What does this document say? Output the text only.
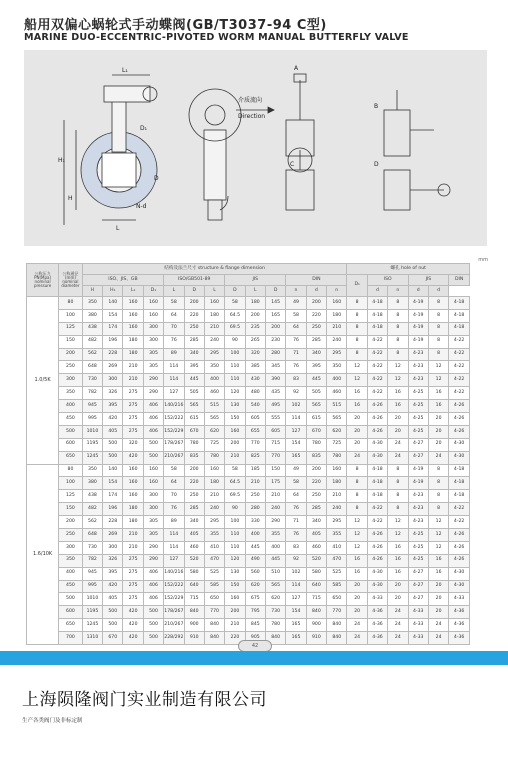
船用双偏心蜗轮式手动蝶阀(GB/T3037-94 C型)
MARINE DUO-ECCENTRIC-PIVOTED WORM MANUAL BUTTERFLY VALVE
L₁
D₁
D
H₁
H
L
N-d
介质流向
Direction
A
B
C	D
mm
公称压力 PN(Mpa) nominal pressure	公称通径 (mm) nominal diameter	结构及法兰尺寸 structure & flange dimension													螺孔 hole of nut					
		ISO、JIS、GB				ISO/GB501-89			JIS			DIN			D₁	ISO		JIS		DIN
		H	H₁	L₁	D₁	L	D	L	D	L	D	n	d	n		d	n	d	d	
1.0/5K	80	350	140	160	160	58	200	160	58	180	145	49	200	160	8	4-18	8	4-19	8	4-18
	100	380	154	160	160	64	220	180	64.5	200	165	58	220	180	8	4-18	8	4-19	8	4-18
	125	438	174	160	300	70	250	210	69.5	235	200	64	250	210	8	4-18	8	4-19	8	4-18
	150	482	196	180	300	76	285	240	90	265	230	76	285	240	8	4-22	8	4-19	8	4-22
	200	562	228	180	305	89	340	295	100	320	280	71	340	295	8	4-22	8	4-23	8	4-22
	250	648	269	210	305	114	395	350	110	385	345	76	395	350	12	4-22	12	4-23	12	4-22
	300	730	300	210	290	114	445	400	110	430	390	83	445	400	12	4-22	12	4-23	12	4-22
	350	782	326	275	290	127	505	460	120	480	435	92	505	460	16	4-22	16	4-25	16	4-22
	400	945	395	275	406	140/216	565	515	130	540	495	102	565	515	16	4-26	16	4-25	16	4-26
	450	995	420	275	406	152/222	615	565	150	605	555	114	615	565	20	4-26	20	4-25	20	4-26
	500	1010	405	275	406	152/229	670	620	160	655	605	127	670	620	20	4-26	20	4-25	20	4-26
	600	1195	500	320	500	178/267	780	725	200	770	715	154	780	725	20	4-30	24	4-27	20	4-30
	650	1245	500	420	500	210/267	835	780	210	825	770	165	835	780	24	4-30	24	4-27	24	4-30
1.6/10K	80	350	140	160	160	58	200	160	58	185	150	49	200	160	8	4-18	8	4-19	8	4-18
	100	380	154	160	160	64	220	180	64.5	210	175	58	220	180	8	4-18	8	4-19	8	4-18
	125	438	174	160	300	70	250	210	69.5	250	210	64	250	210	8	4-18	8	4-23	8	4-18
	150	482	196	180	300	76	285	240	90	280	240	76	285	240	8	4-22	8	4-23	8	4-22
	200	562	228	180	305	89	340	295	100	330	290	71	340	295	12	4-22	12	4-23	12	4-22
	250	648	269	210	305	114	405	355	110	400	355	76	405	355	12	4-26	12	4-25	12	4-26
	300	730	300	210	290	114	460	410	110	445	400	83	460	410	12	4-26	16	4-25	12	4-26
	350	782	326	275	290	127	520	470	120	490	445	92	520	470	16	4-26	16	4-25	16	4-26
	400	945	395	275	406	140/216	580	525	130	560	510	102	580	525	16	4-30	16	4-27	16	4-30
	450	995	420	275	406	152/222	640	585	150	620	565	114	640	585	20	4-30	20	4-27	20	4-30
	500	1010	405	275	406	152/229	715	650	160	675	620	127	715	650	20	4-33	20	4-27	20	4-33
	600	1195	500	420	500	178/267	840	770	200	795	730	154	840	770	20	4-36	24	4-33	20	4-36
	650	1245	500	420	500	210/267	900	840	210	845	780	165	900	840	24	4-36	24	4-33	24	4-36
	700	1310	670	420	500	228/292	910	840	220	905	840	165	910	840	24	4-36	24	4-33	24	4-36
42
上海陨隆阀门实业制造有限公司
生产各类阀门及非标定制
